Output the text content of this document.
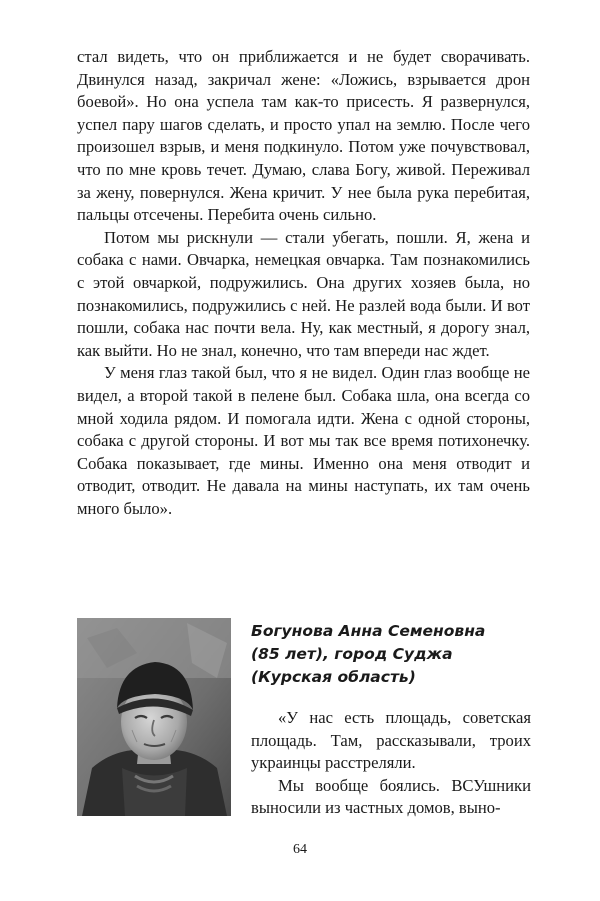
стал видеть, что он приближается и не будет сворачивать. Двинулся назад, закричал жене: «Ложись, взрывается дрон боевой». Но она успела там как-то присесть. Я развернулся, успел пару шагов сделать, и просто упал на землю. После чего произошел взрыв, и меня подкинуло. Потом уже почувствовал, что по мне кровь течет. Думаю, слава Богу, живой. Переживал за жену, повернулся. Жена кричит. У нее была рука перебитая, пальцы отсечены. Перебита очень сильно.

Потом мы рискнули — стали убегать, пошли. Я, жена и собака с нами. Овчарка, немецкая овчарка. Там познакомились с этой овчаркой, подружились. Она других хозяев была, но познакомились, подружились с ней. Не разлей вода были. И вот пошли, собака нас почти вела. Ну, как местный, я дорогу знал, как выйти. Но не знал, конечно, что там впереди нас ждет.

У меня глаз такой был, что я не видел. Один глаз вообще не видел, а второй такой в пелене был. Собака шла, она всегда со мной ходила рядом. И помогала идти. Жена с одной стороны, собака с другой стороны. И вот мы так все время потихонечку. Собака показывает, где мины. Именно она меня отводит и отводит, отводит. Не давала на мины наступать, их там очень много было».

Богунова Анна Семеновна
(85 лет), город Суджа
(Курская область)

«У нас есть площадь, советская площадь. Там, рассказывали, троих украинцы расстреляли.

Мы вообще боялись. ВСУшники выносили из частных домов, выно-

64
